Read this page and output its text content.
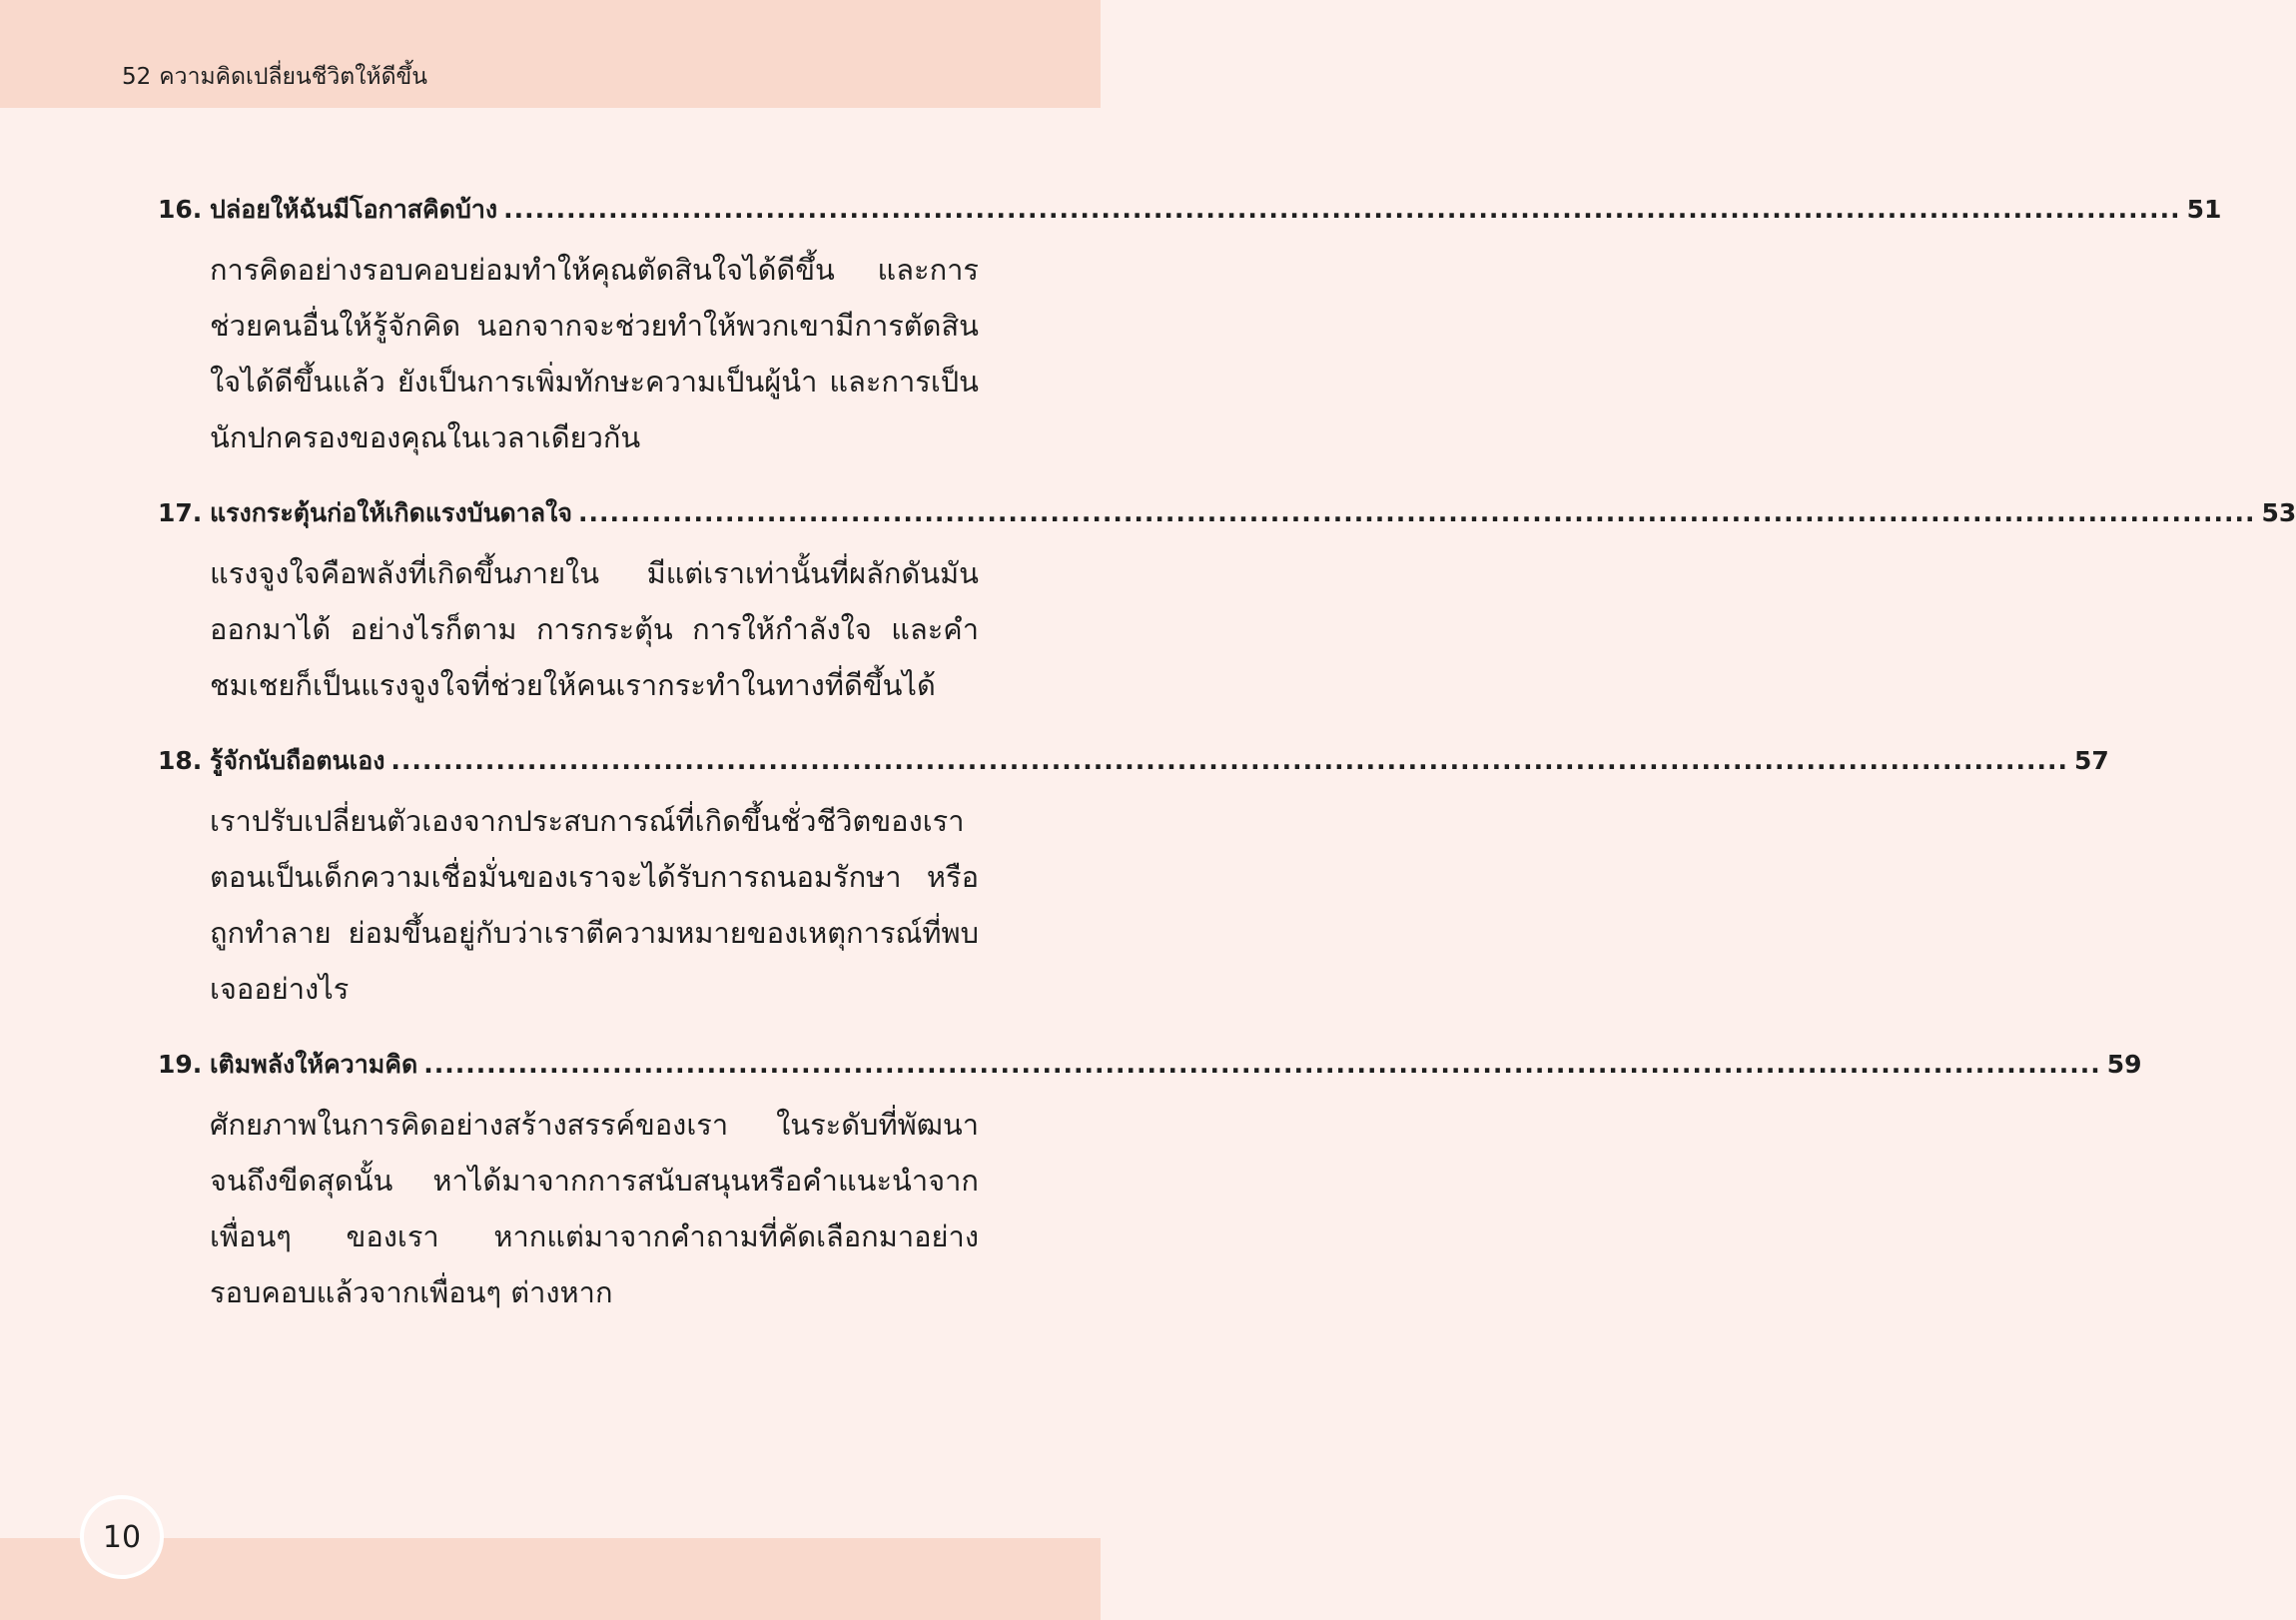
52 ความคิดเปลี่ยนชีวิตให้ดีขึ้น
16. ปล่อยให้ฉันมีโอกาสคิดบ้าง ................................................................................................................................................................ 51
การคิดอย่างรอบคอบย่อมทำให้คุณตัดสินใจได้ดีขึ้น และการช่วยคนอื่นให้รู้จักคิด นอกจากจะช่วยทำให้พวกเขามีการตัดสินใจได้ดีขึ้นแล้ว ยังเป็นการเพิ่มทักษะความเป็นผู้นำ และการเป็นนักปกครองของคุณในเวลาเดียวกัน
17. แรงกระตุ้นก่อให้เกิดแรงบันดาลใจ ................................................................................................................................................................ 53
แรงจูงใจคือพลังที่เกิดขึ้นภายใน มีแต่เราเท่านั้นที่ผลักดันมันออกมาได้ อย่างไรก็ตาม การกระตุ้น การให้กำลังใจ และคำชมเชยก็เป็นแรงจูงใจที่ช่วยให้คนเรากระทำในทางที่ดีขึ้นได้
18. รู้จักนับถือตนเอง ................................................................................................................................................................ 57
เราปรับเปลี่ยนตัวเองจากประสบการณ์ที่เกิดขึ้นชั่วชีวิตของเราตอนเป็นเด็กความเชื่อมั่นของเราจะได้รับการถนอมรักษา หรือถูกทำลาย ย่อมขึ้นอยู่กับว่าเราตีความหมายของเหตุการณ์ที่พบเจออย่างไร
19. เติมพลังให้ความคิด ................................................................................................................................................................ 59
ศักยภาพในการคิดอย่างสร้างสรรค์ของเรา ในระดับที่พัฒนาจนถึงขีดสุดนั้น หาได้มาจากการสนับสนุนหรือคำแนะนำจากเพื่อนๆ ของเรา หากแต่มาจากคำถามที่คัดเลือกมาอย่างรอบคอบแล้วจากเพื่อนๆ ต่างหาก
10
